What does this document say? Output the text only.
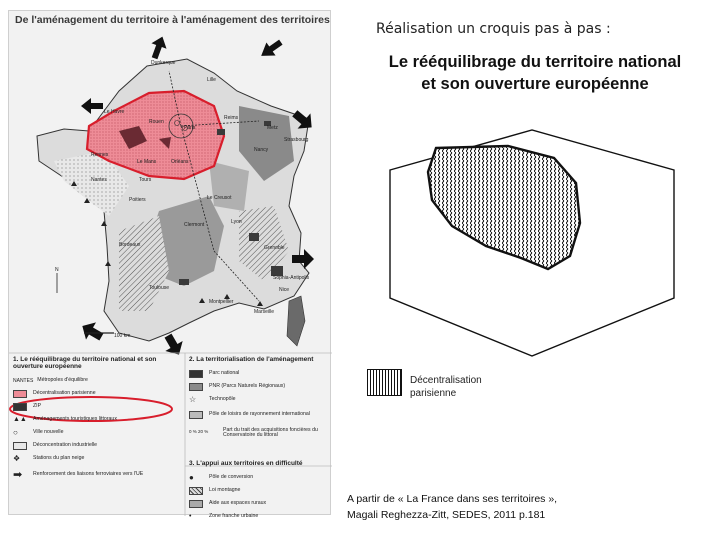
De l'aménagement du territoire à l'aménagement des territoires
Dunkerque
Lille
Le Havre
Rouen
Paris
Reims
Metz
Nancy
Strasbourg
Rennes
Le Mans	Orléans
Nantes	Tours
Poitiers
Bordeaux
Toulouse
Montpellier
Marseille
Nice
Lyon
Grenoble
Le Creusot
Clermont
Sophia-Antipolis
N
100 km
1. Le rééquilibrage du territoire national et son ouverture européenne
NANTES Métropoles d'équilibre
Décentralisation parisienne
ZIP
▲▲ Aménagements touristiques littoraux
○	Ville nouvelle
Déconcentration industrielle
❖	Stations du plan neige
➡	Renforcement des liaisons ferroviaires vers l'UE
2. La territorialisation de l'aménagement
Parc national
PNR (Parcs Naturels Régionaux)
☆	Technopôle
Pôle de loisirs de rayonnement international
0 % 20 %	Part du trait des acquisitions foncières du Conservatoire du littoral
3. L'appui aux territoires en difficulté
●	Pôle de conversion
Loi montagne
Aide aux espaces ruraux
•	Zone franche urbaine
Réalisation un croquis pas à pas :
Le rééquilibrage du territoire national
et son ouverture européenne
Décentralisation
parisienne
A partir de « La France dans ses territoires »,
Magali Reghezza-Zitt, SEDES, 2011 p.181
